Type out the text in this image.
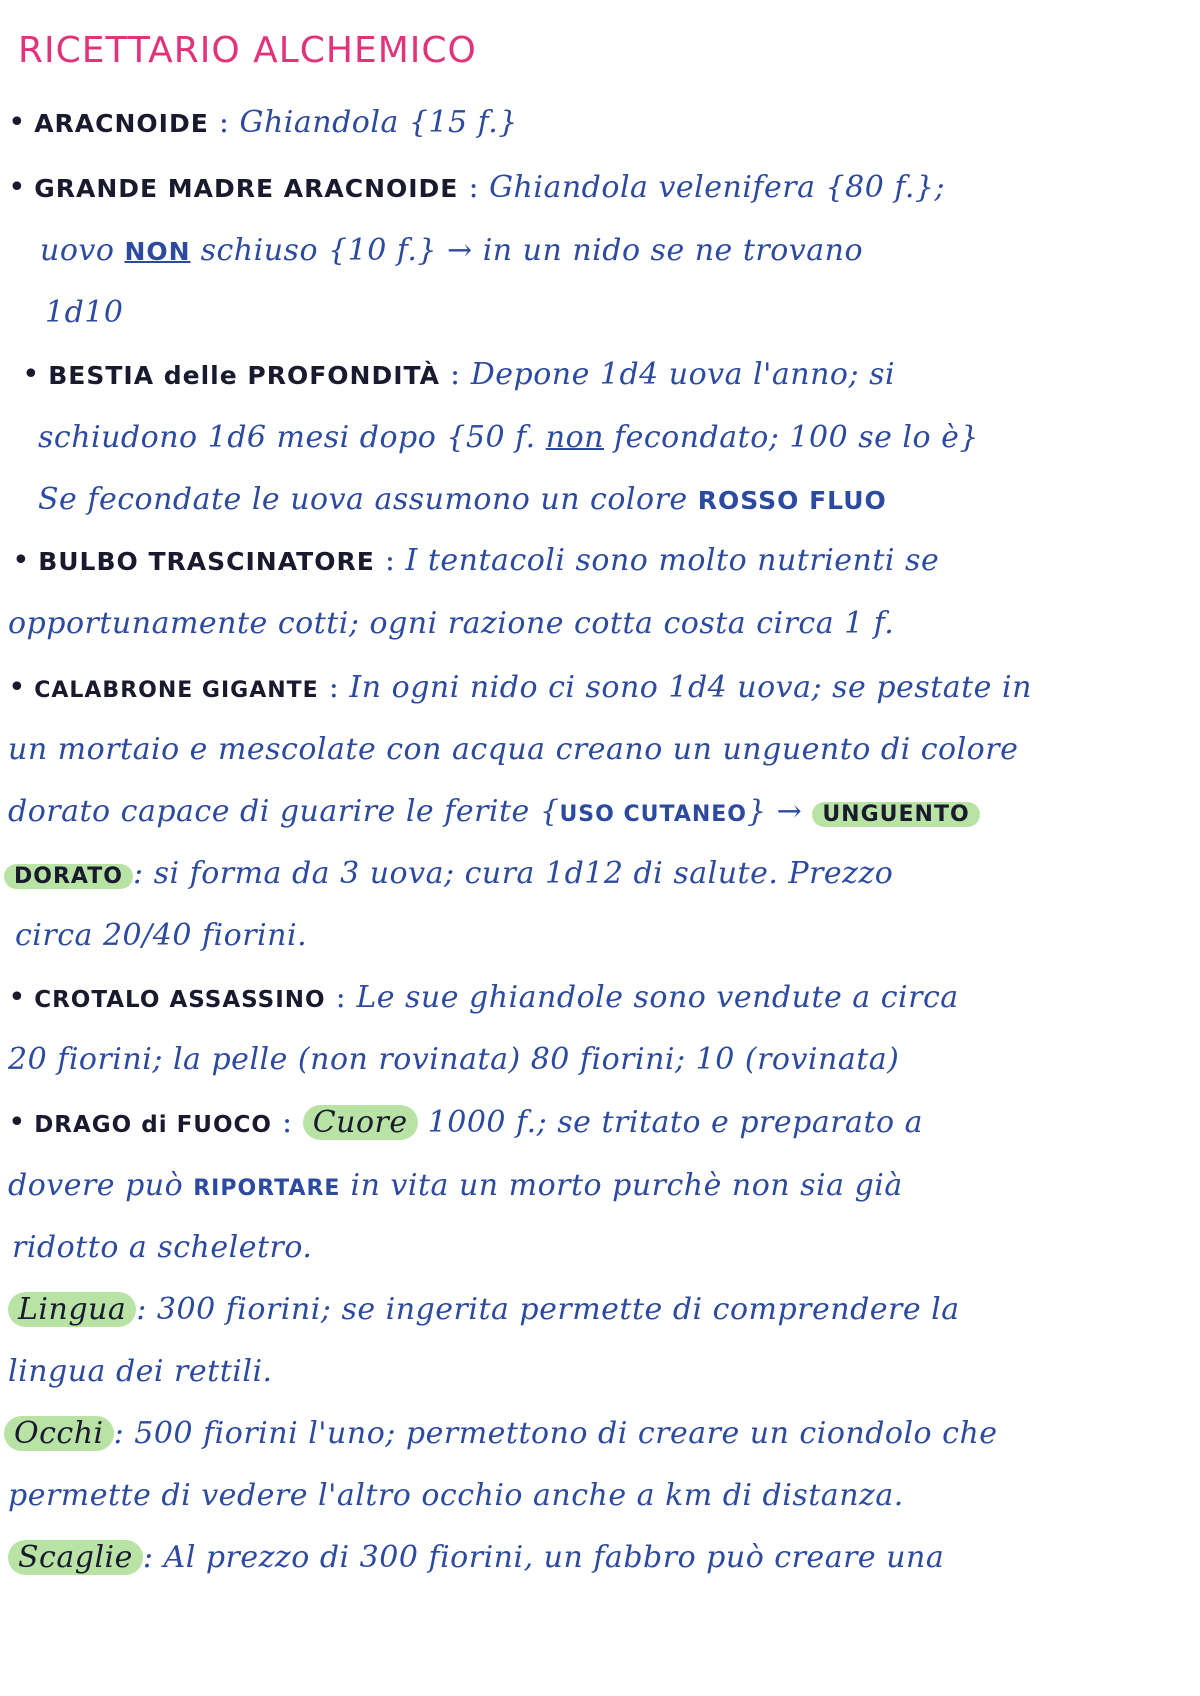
RICETTARIO ALCHEMICO
• ARACNOIDE : Ghiandola {15 f.}
• GRANDE MADRE ARACNOIDE : Ghiandola velenifera {80 f.};
uovo NON schiuso {10 f.} → in un nido se ne trovano
1d10
• BESTIA delle PROFONDITÀ : Depone 1d4 uova l'anno; si
schiudono 1d6 mesi dopo {50 f. non fecondato; 100 se lo è}
Se fecondate le uova assumono un colore ROSSO FLUO
• BULBO TRASCINATORE : I tentacoli sono molto nutrienti se
opportunamente cotti; ogni razione cotta costa circa 1 f.
• CALABRONE GIGANTE : In ogni nido ci sono 1d4 uova; se pestate in
un mortaio e mescolate con acqua creano un unguento di colore
dorato capace di guarire le ferite {USO CUTANEO} → UNGUENTO
DORATO : si forma da 3 uova; cura 1d12 di salute. Prezzo
circa 20/40 fiorini.
• CROTALO ASSASSINO : Le sue ghiandole sono vendute a circa
20 fiorini; la pelle (non rovinata) 80 fiorini; 10 (rovinata)
• DRAGO di FUOCO : Cuore 1000 f.; se tritato e preparato a
dovere può RIPORTARE in vita un morto purchè non sia già
ridotto a scheletro.
Lingua : 300 fiorini; se ingerita permette di comprendere la
lingua dei rettili.
Occhi : 500 fiorini l'uno; permettono di creare un ciondolo che
permette di vedere l'altro occhio anche a km di distanza.
Scaglie : Al prezzo di 300 fiorini, un fabbro può creare una
